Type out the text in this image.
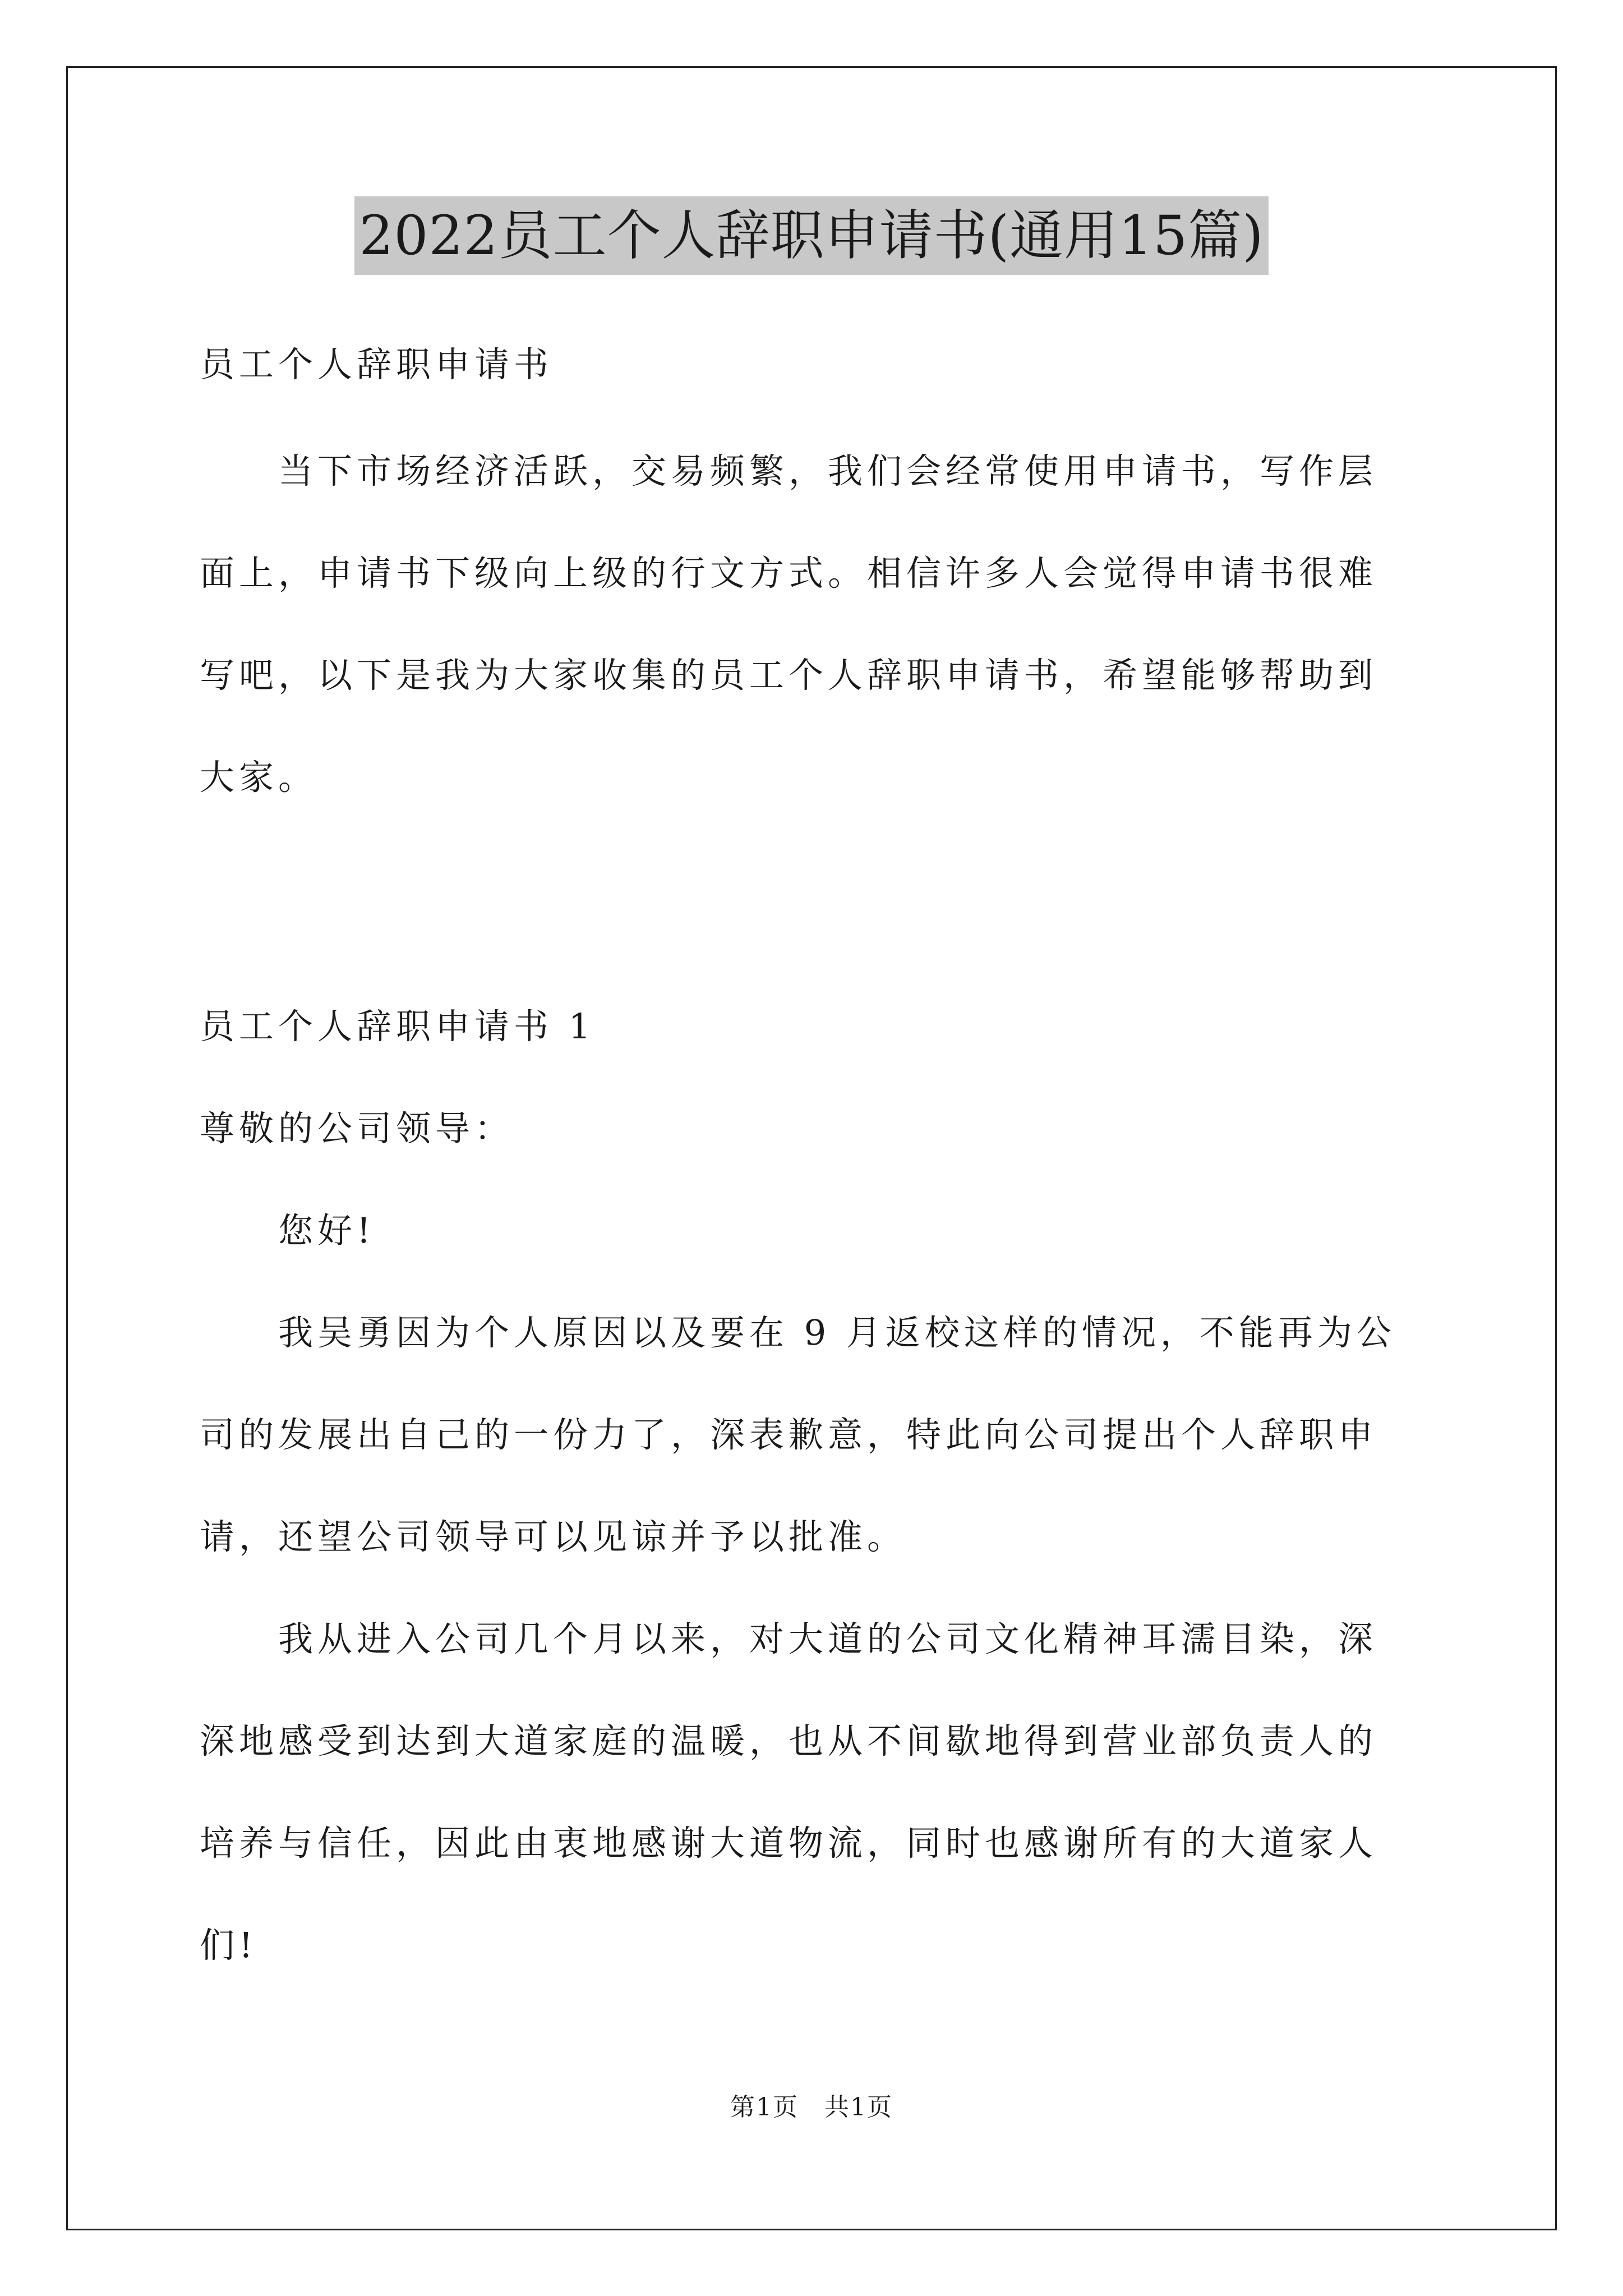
2022员工个人辞职申请书(通用15篇)
员工个人辞职申请书
当下市场经济活跃，交易频繁，我们会经常使用申请书，写作层
面上，申请书下级向上级的行文方式。相信许多人会觉得申请书很难
写吧，以下是我为大家收集的员工个人辞职申请书，希望能够帮助到
大家。
员工个人辞职申请书 1
尊敬的公司领导：
您好!
我吴勇因为个人原因以及要在 9 月返校这样的情况，不能再为公
司的发展出自己的一份力了，深表歉意，特此向公司提出个人辞职申
请，还望公司领导可以见谅并予以批准。
我从进入公司几个月以来，对大道的公司文化精神耳濡目染，深
深地感受到达到大道家庭的温暖，也从不间歇地得到营业部负责人的
培养与信任，因此由衷地感谢大道物流，同时也感谢所有的大道家人
们!
第1页　共1页
